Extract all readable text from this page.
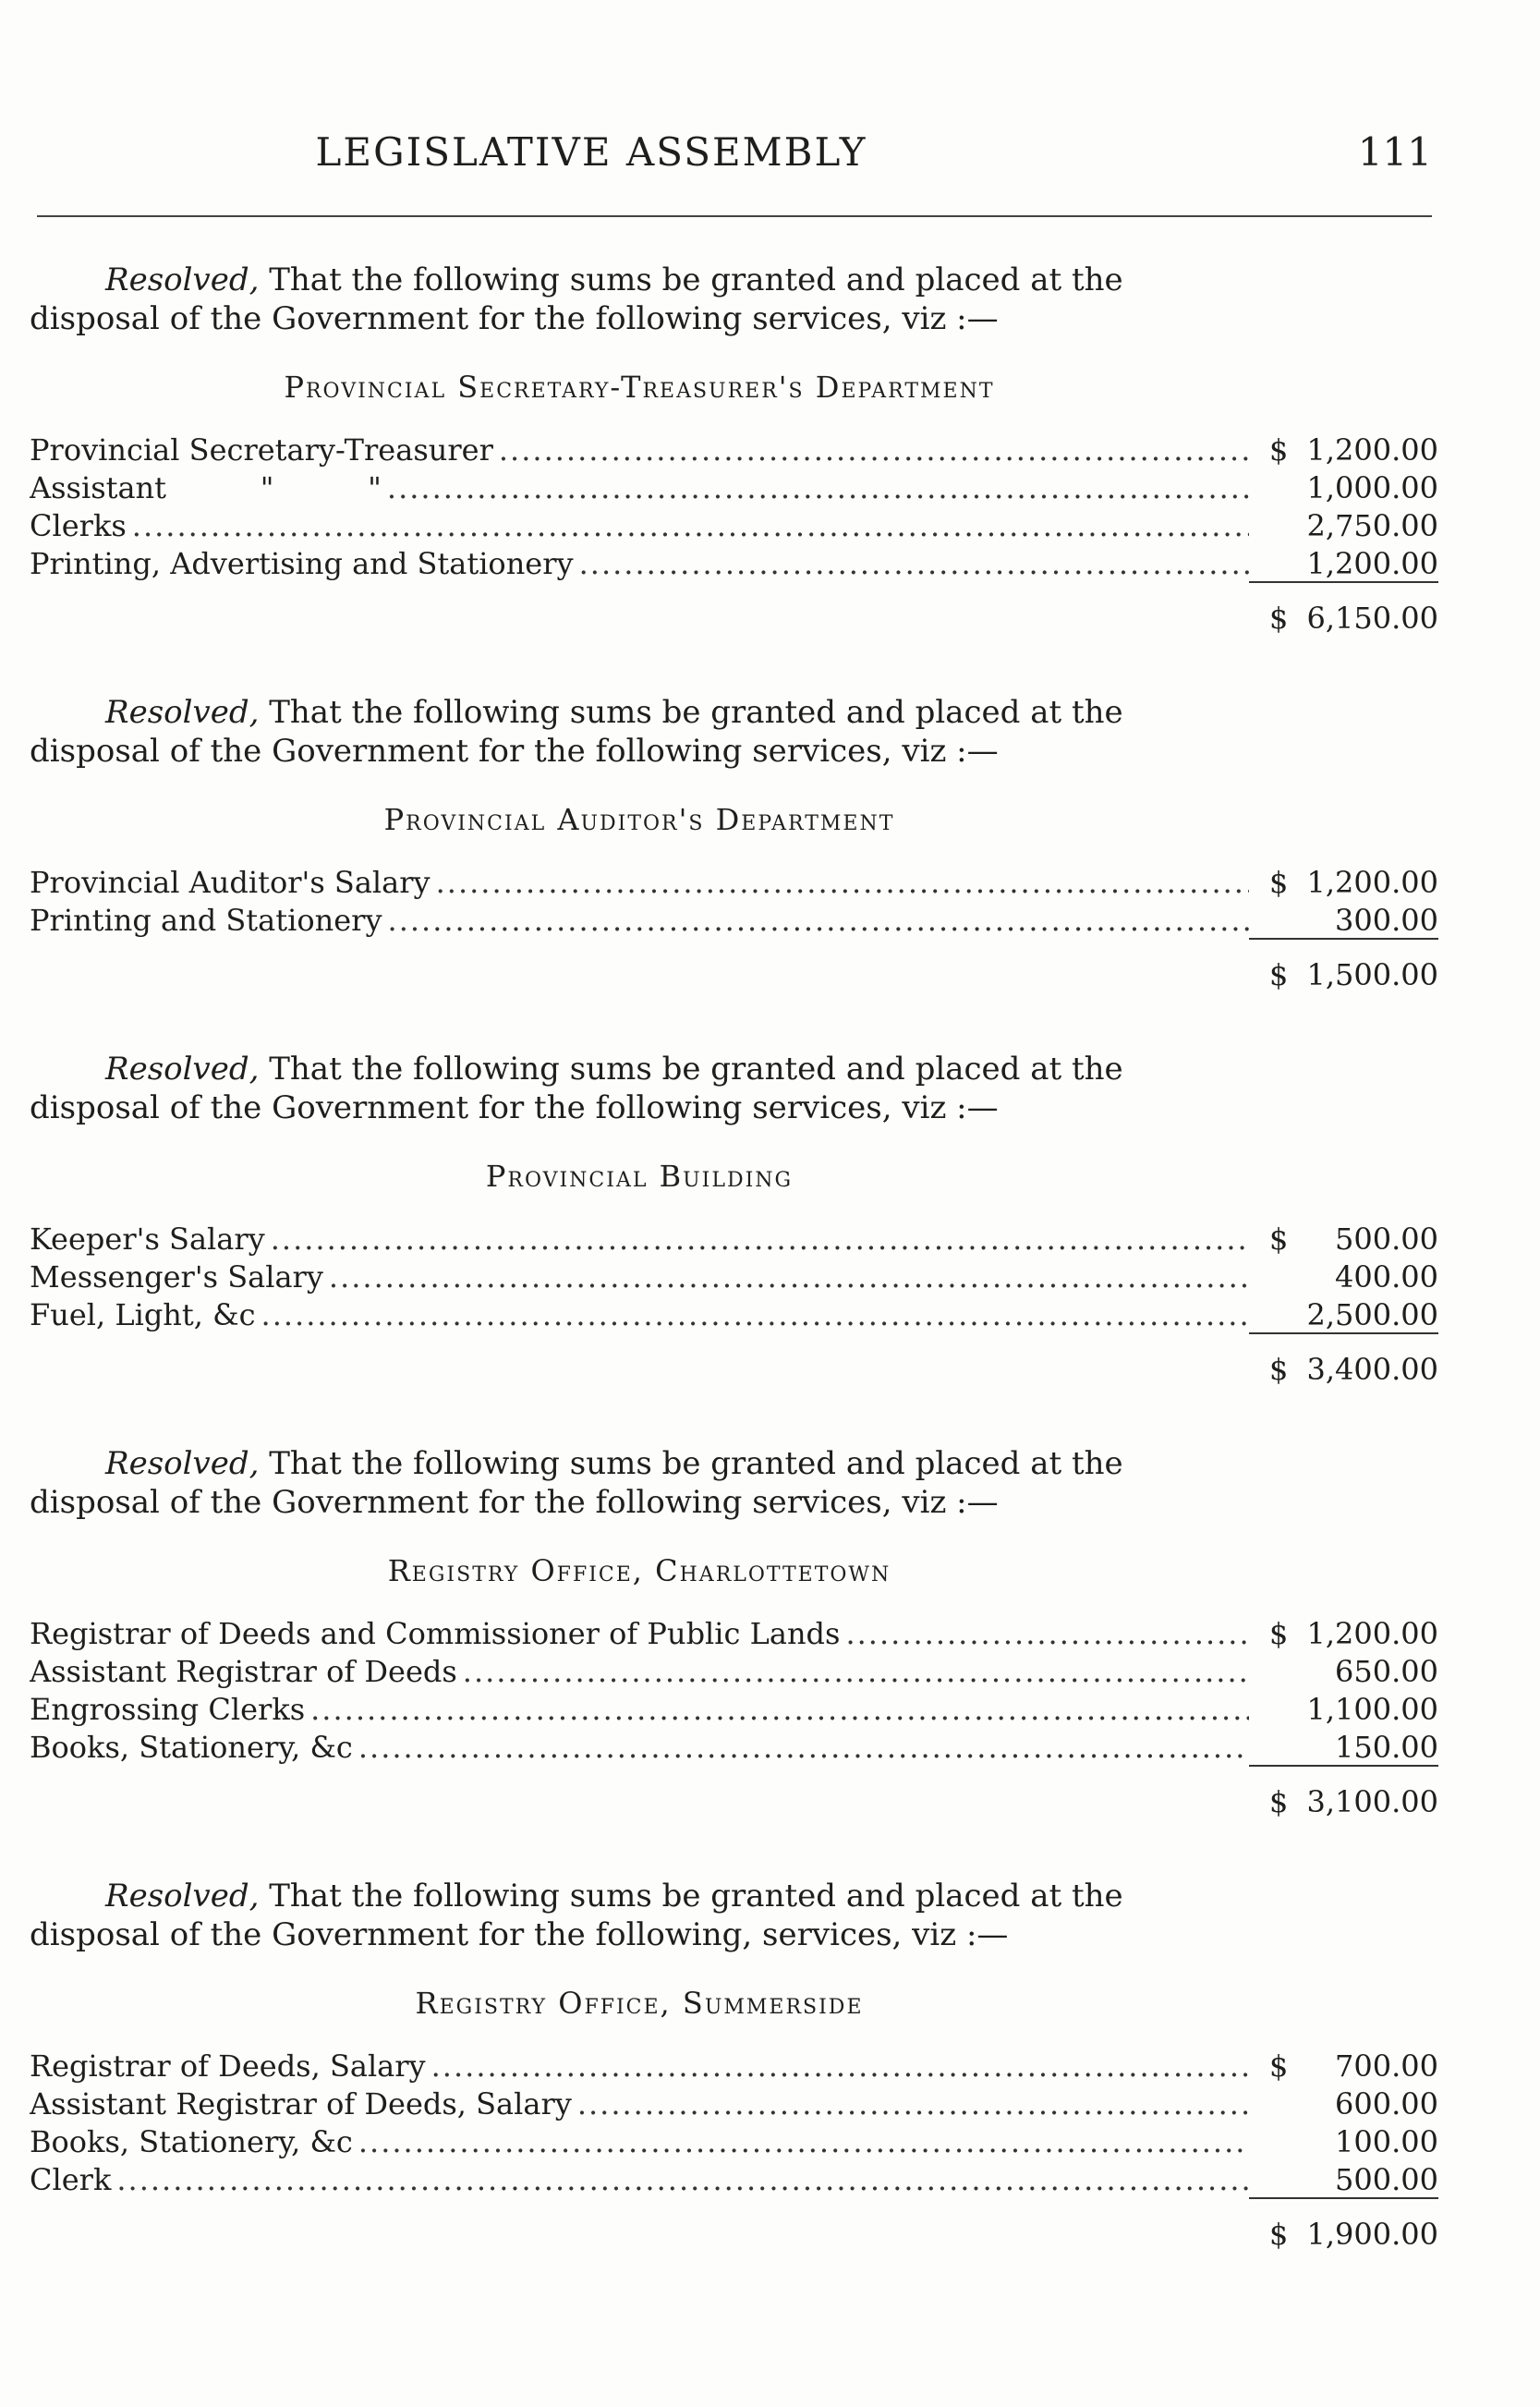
LEGISLATIVE ASSEMBLY	111
Resolved, That the following sums be granted and placed at the
disposal of the Government for the following services, viz :—
Provincial Secretary-Treasurer's Department
Provincial Secretary-Treasurer .....	$ 1,200.00
Assistant          "          " .....	1,000.00
Clerks .....	2,750.00
Printing, Advertising and Stationery .....	1,200.00
$ 6,150.00
Resolved, That the following sums be granted and placed at the
disposal of the Government for the following services, viz :—
Provincial Auditor's Department
Provincial Auditor's Salary .....	$ 1,200.00
Printing and Stationery .....	300.00
$ 1,500.00
Resolved, That the following sums be granted and placed at the
disposal of the Government for the following services, viz :—
Provincial Building
Keeper's Salary .....	$	500.00
Messenger's Salary .....	400.00
Fuel, Light, &c .....	2,500.00
$ 3,400.00
Resolved, That the following sums be granted and placed at the
disposal of the Government for the following services, viz :—
Registry Office, Charlottetown
Registrar of Deeds and Commissioner of Public Lands .....	$ 1,200.00
Assistant Registrar of Deeds .....	650.00
Engrossing Clerks .....	1,100.00
Books, Stationery, &c .....	150.00
$ 3,100.00
Resolved, That the following sums be granted and placed at the
disposal of the Government for the following, services, viz :—
Registry Office, Summerside
Registrar of Deeds, Salary .....	$	700.00
Assistant Registrar of Deeds, Salary .....	600.00
Books, Stationery, &c .....	100.00
Clerk .....	500.00
$ 1,900.00
